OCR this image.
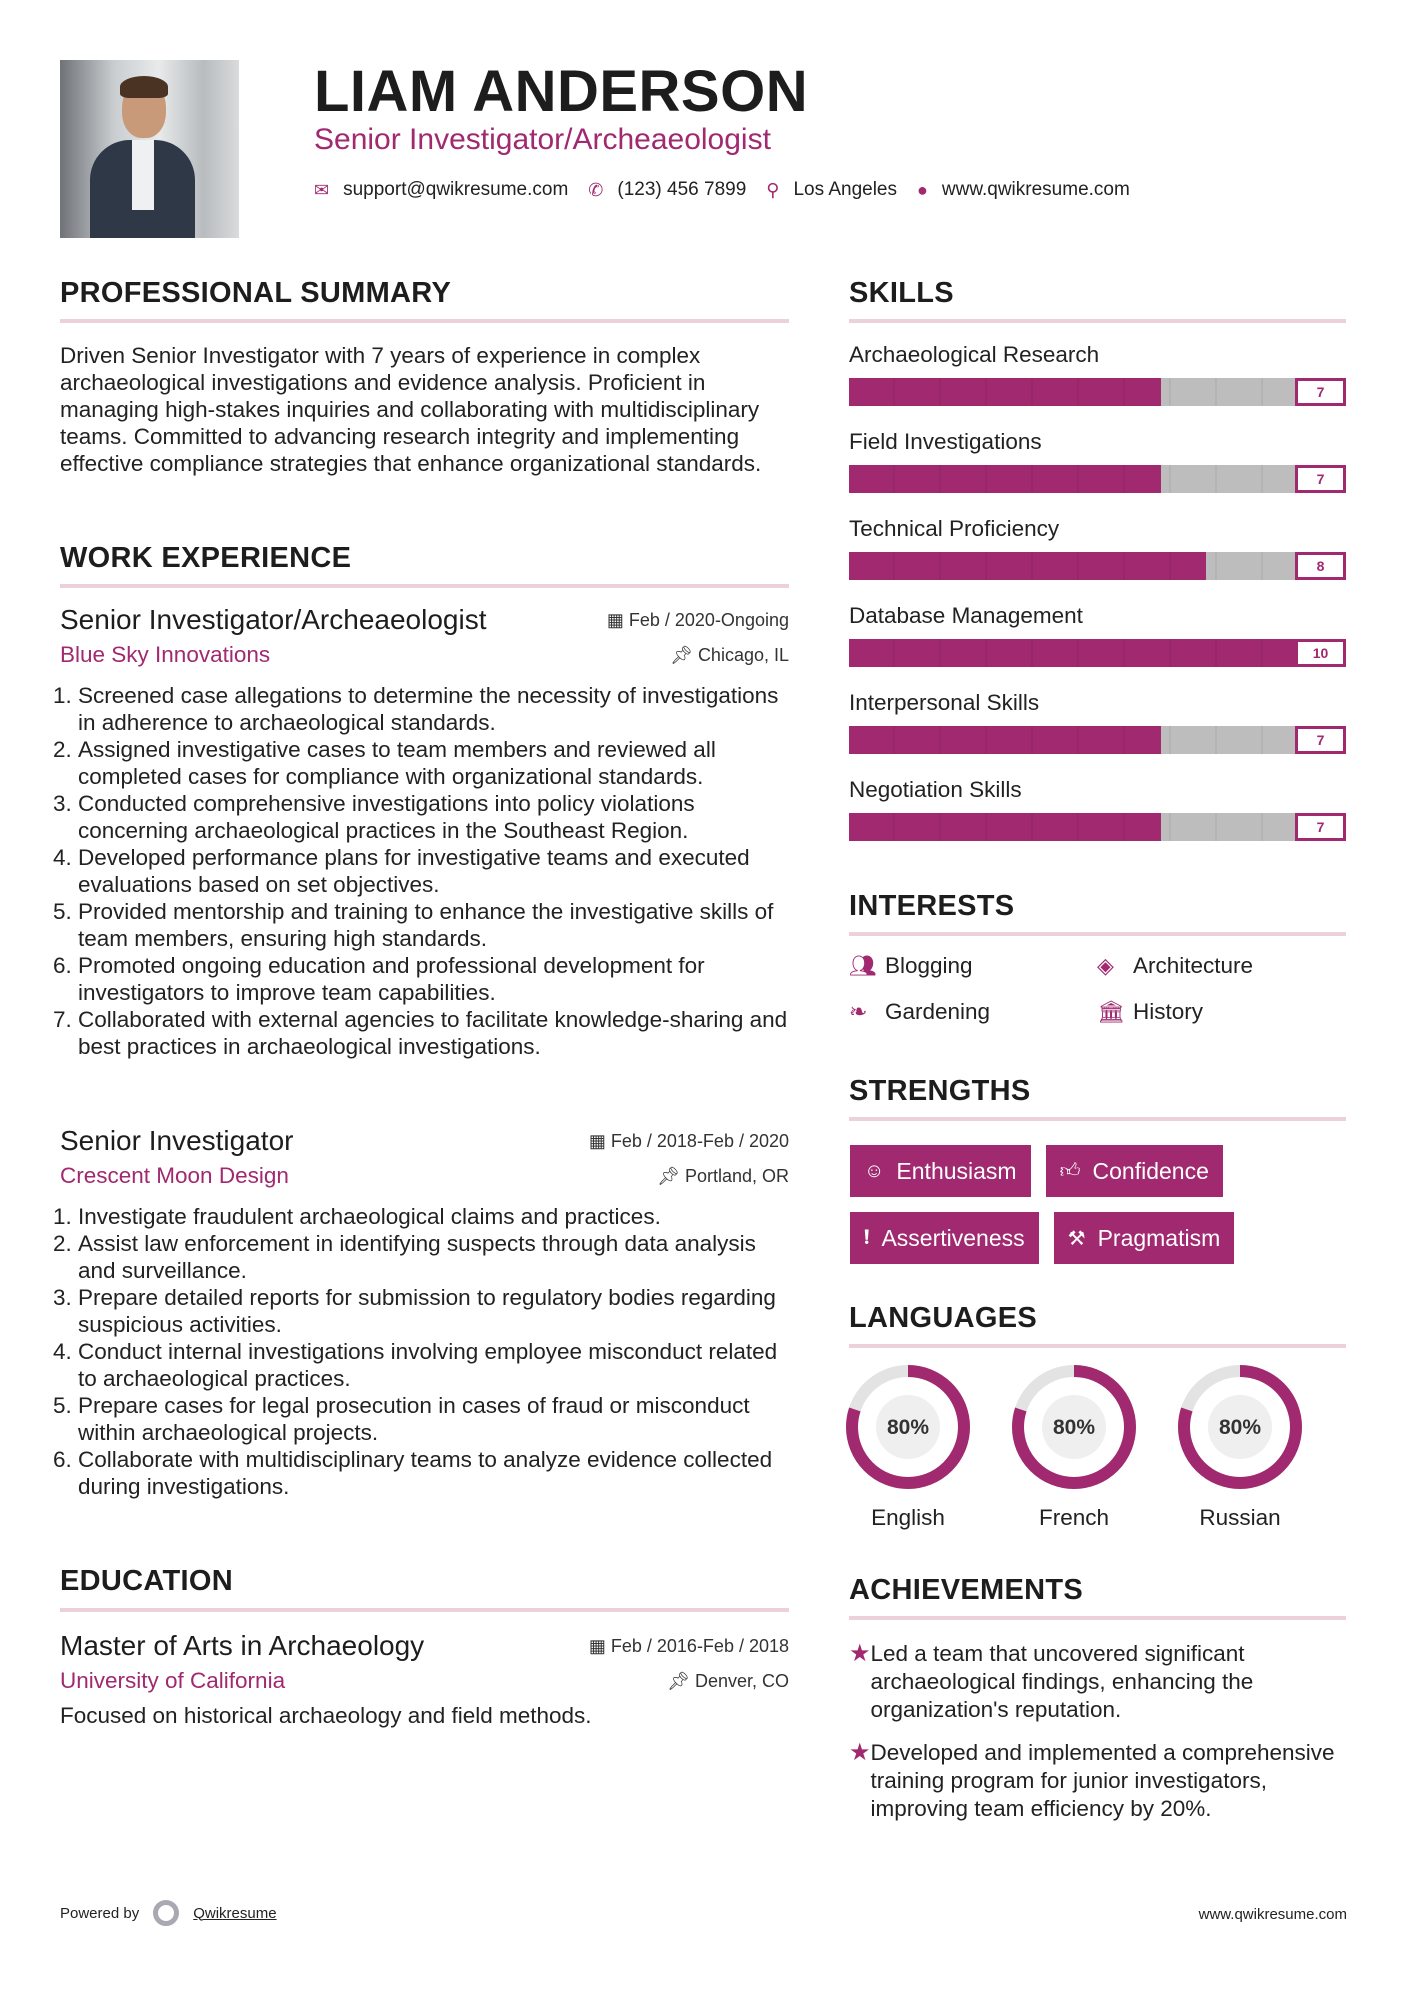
LIAM ANDERSON
Senior Investigator/Archeaeologist
✉ support@qwikresume.com ✆ (123) 456 7899 ⚲ Los Angeles ● www.qwikresume.com
PROFESSIONAL SUMMARY
Driven Senior Investigator with 7 years of experience in complex archaeological investigations and evidence analysis. Proficient in managing high-stakes inquiries and collaborating with multidisciplinary teams. Committed to advancing research integrity and implementing effective compliance strategies that enhance organizational standards.
WORK EXPERIENCE
Senior Investigator/Archeaeologist	▦ Feb / 2020-Ongoing
Blue Sky Innovations	📌︎ Chicago, IL
1. Screened case allegations to determine the necessity of investigations in adherence to archaeological standards.
2. Assigned investigative cases to team members and reviewed all completed cases for compliance with organizational standards.
3. Conducted comprehensive investigations into policy violations concerning archaeological practices in the Southeast Region.
4. Developed performance plans for investigative teams and executed evaluations based on set objectives.
5. Provided mentorship and training to enhance the investigative skills of team members, ensuring high standards.
6. Promoted ongoing education and professional development for investigators to improve team capabilities.
7. Collaborated with external agencies to facilitate knowledge-sharing and best practices in archaeological investigations.
Senior Investigator	▦ Feb / 2018-Feb / 2020
Crescent Moon Design	📌︎ Portland, OR
1. Investigate fraudulent archaeological claims and practices.
2. Assist law enforcement in identifying suspects through data analysis and surveillance.
3. Prepare detailed reports for submission to regulatory bodies regarding suspicious activities.
4. Conduct internal investigations involving employee misconduct related to archaeological practices.
5. Prepare cases for legal prosecution in cases of fraud or misconduct within archaeological projects.
6. Collaborate with multidisciplinary teams to analyze evidence collected during investigations.
EDUCATION
Master of Arts in Archaeology	▦ Feb / 2016-Feb / 2018
University of California	📌︎ Denver, CO
Focused on historical archaeology and field methods.
SKILLS
Archaeological Research
7
Field Investigations
7
Technical Proficiency
8
Database Management
10
Interpersonal Skills
7
Negotiation Skills
7
INTERESTS
👥︎ Blogging	◈ Architecture
❧ Gardening	🏛︎ History
STRENGTHS
☺ Enthusiasm 👍︎ Confidence
❗︎ Assertiveness ⚒ Pragmatism
LANGUAGES
80%
English
80%
French
80%
Russian
ACHIEVEMENTS
★ Led a team that uncovered significant archaeological findings, enhancing the organization's reputation.
★ Developed and implemented a comprehensive training program for junior investigators, improving team efficiency by 20%.
Powered by	Qwikresume	www.qwikresume.com
